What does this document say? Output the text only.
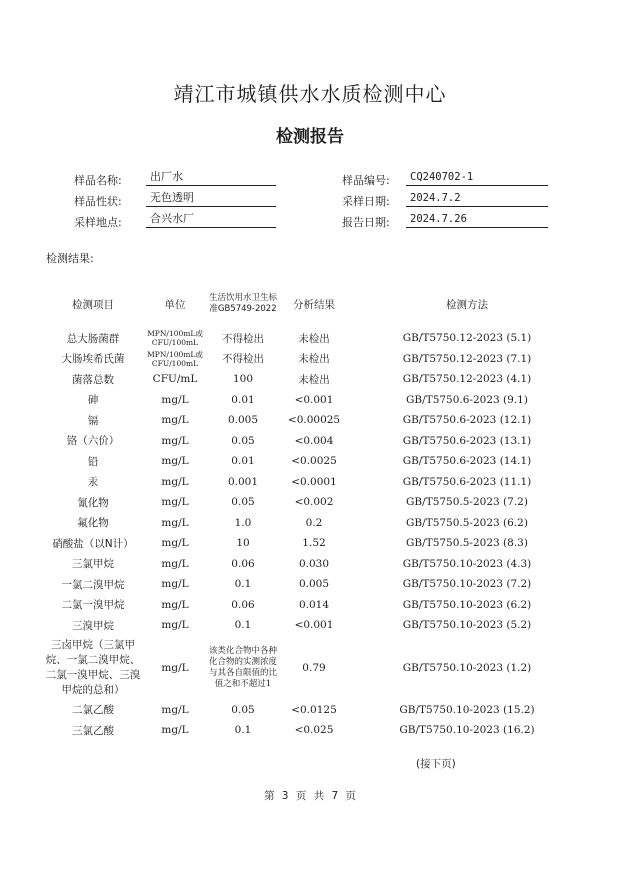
靖江市城镇供水水质检测中心
检测报告
样品名称:	出厂水	样品编号:	CQ240702-1
样品性状:	无色透明	采样日期:	2024.7.2
采样地点:	合兴水厂	报告日期:	2024.7.26
检测结果:
检测项目	单位	生活饮用水卫生标准GB5749-2022	分析结果	检测方法
总大肠菌群	MPN/100mL或CFU/100mL	不得检出	未检出	GB/T5750.12-2023 (5.1)
大肠埃希氏菌	MPN/100mL或CFU/100mL	不得检出	未检出	GB/T5750.12-2023 (7.1)
菌落总数	CFU/mL	100	未检出	GB/T5750.12-2023 (4.1)
砷	mg/L	0.01	<0.001	GB/T5750.6-2023 (9.1)
镉	mg/L	0.005	<0.00025	GB/T5750.6-2023 (12.1)
铬（六价）	mg/L	0.05	<0.004	GB/T5750.6-2023 (13.1)
铅	mg/L	0.01	<0.0025	GB/T5750.6-2023 (14.1)
汞	mg/L	0.001	<0.0001	GB/T5750.6-2023 (11.1)
氰化物	mg/L	0.05	<0.002	GB/T5750.5-2023 (7.2)
氟化物	mg/L	1.0	0.2	GB/T5750.5-2023 (6.2)
硝酸盐（以N计）	mg/L	10	1.52	GB/T5750.5-2023 (8.3)
三氯甲烷	mg/L	0.06	0.030	GB/T5750.10-2023 (4.3)
一氯二溴甲烷	mg/L	0.1	0.005	GB/T5750.10-2023 (7.2)
二氯一溴甲烷	mg/L	0.06	0.014	GB/T5750.10-2023 (6.2)
三溴甲烷	mg/L	0.1	<0.001	GB/T5750.10-2023 (5.2)
三卤甲烷（三氯甲烷、一氯二溴甲烷、二氯一溴甲烷、三溴甲烷的总和）	mg/L	该类化合物中各种化合物的实测浓度与其各自限值的比值之和不超过1	0.79	GB/T5750.10-2023 (1.2)
二氯乙酸	mg/L	0.05	<0.0125	GB/T5750.10-2023 (15.2)
三氯乙酸	mg/L	0.1	<0.025	GB/T5750.10-2023 (16.2)
(接下页)
第 3 页 共 7 页
